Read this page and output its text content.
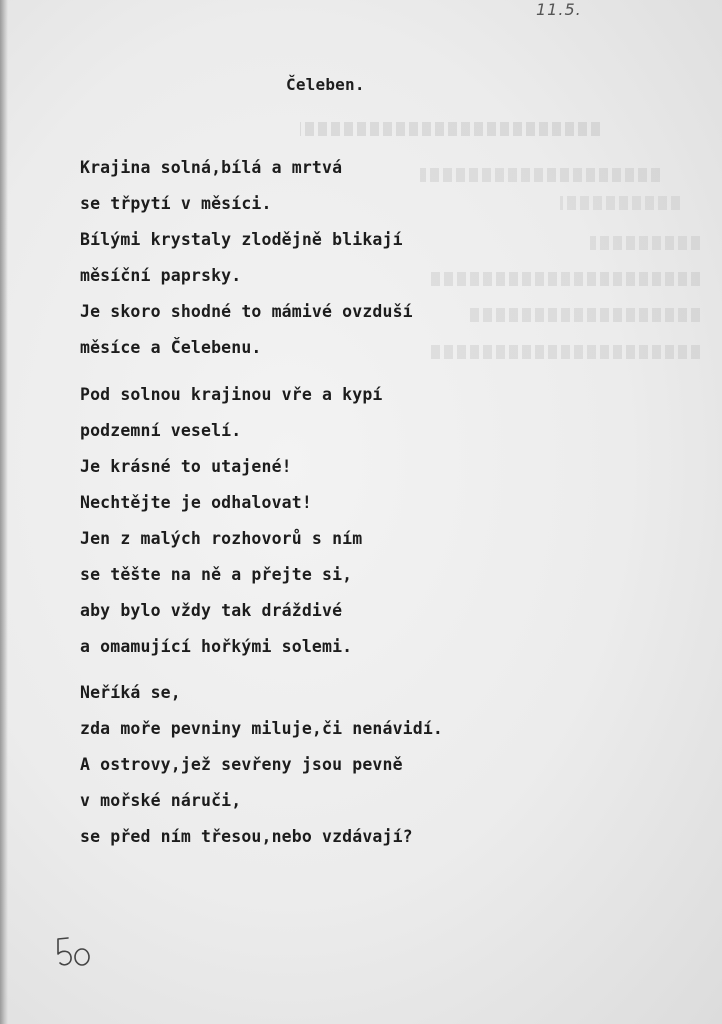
11.5.
Čeleben.
Krajina solná,bílá a mrtvá
se třpytí v měsíci.
Bílými krystaly zlodějně blikají
měsíční paprsky.
Je skoro shodné to mámivé ovzduší
měsíce a Čelebenu.
Pod solnou krajinou vře a kypí
podzemní veselí.
Je krásné to utajené!
Nechtějte je odhalovat!
Jen z malých rozhovorů s ním
se těšte na ně a přejte si,
aby bylo vždy tak dráždivé
a omamující hořkými solemi.
Neříká se,
zda moře pevniny miluje,či nenávidí.
A ostrovy,jež sevřeny jsou pevně
v mořské náruči,
se před ním třesou,nebo vzdávají?
